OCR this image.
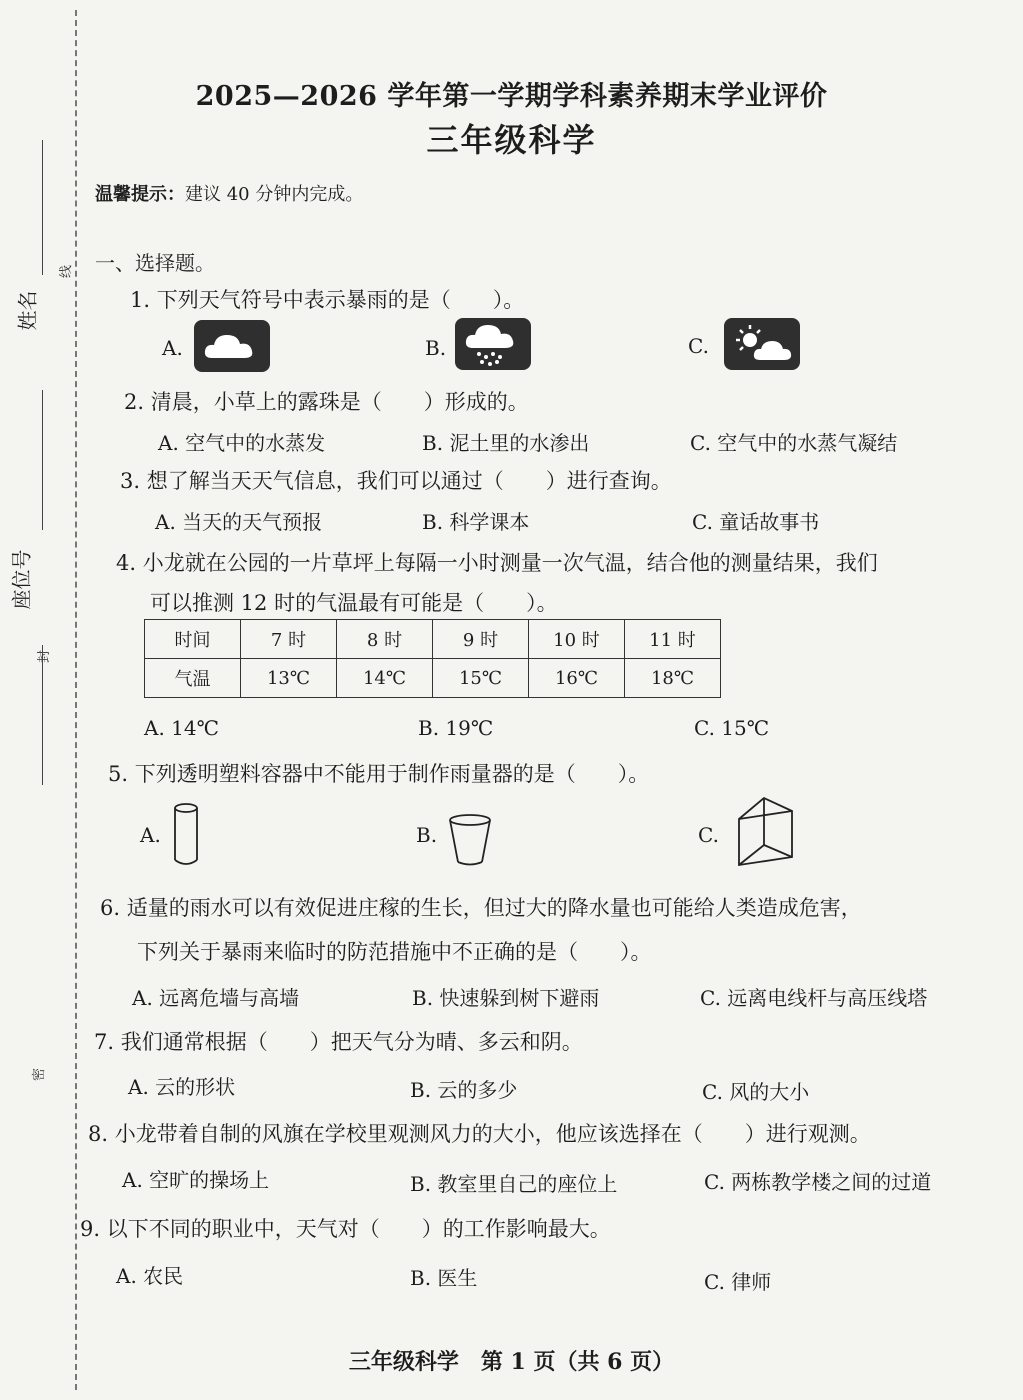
线
封
密
姓名
座位号
2025—2026 学年第一学期学科素养期末学业评价
三年级科学
温馨提示：建议 40 分钟内完成。
一、选择题。
1. 下列天气符号中表示暴雨的是（　　）。
A.	B.	C.
2. 清晨，小草上的露珠是（　　）形成的。
A. 空气中的水蒸发	B. 泥土里的水渗出	C. 空气中的水蒸气凝结
3. 想了解当天天气信息，我们可以通过（　　）进行查询。
A. 当天的天气预报	B. 科学课本	C. 童话故事书
4. 小龙就在公园的一片草坪上每隔一小时测量一次气温，结合他的测量结果，我们
可以推测 12 时的气温最有可能是（　　）。
时间	7 时	8 时	9 时	10 时	11 时
气温	13℃	14℃	15℃	16℃	18℃
A. 14℃	B. 19℃	C. 15℃
5. 下列透明塑料容器中不能用于制作雨量器的是（　　）。
A.	B.	C.
6. 适量的雨水可以有效促进庄稼的生长，但过大的降水量也可能给人类造成危害，
下列关于暴雨来临时的防范措施中不正确的是（　　）。
A. 远离危墙与高墙	B. 快速躲到树下避雨	C. 远离电线杆与高压线塔
7. 我们通常根据（　　）把天气分为晴、多云和阴。
A. 云的形状	B. 云的多少	C. 风的大小
8. 小龙带着自制的风旗在学校里观测风力的大小，他应该选择在（　　）进行观测。
A. 空旷的操场上	B. 教室里自己的座位上	C. 两栋教学楼之间的过道
9. 以下不同的职业中，天气对（　　）的工作影响最大。
A. 农民	B. 医生	C. 律师
三年级科学　第 1 页（共 6 页）
